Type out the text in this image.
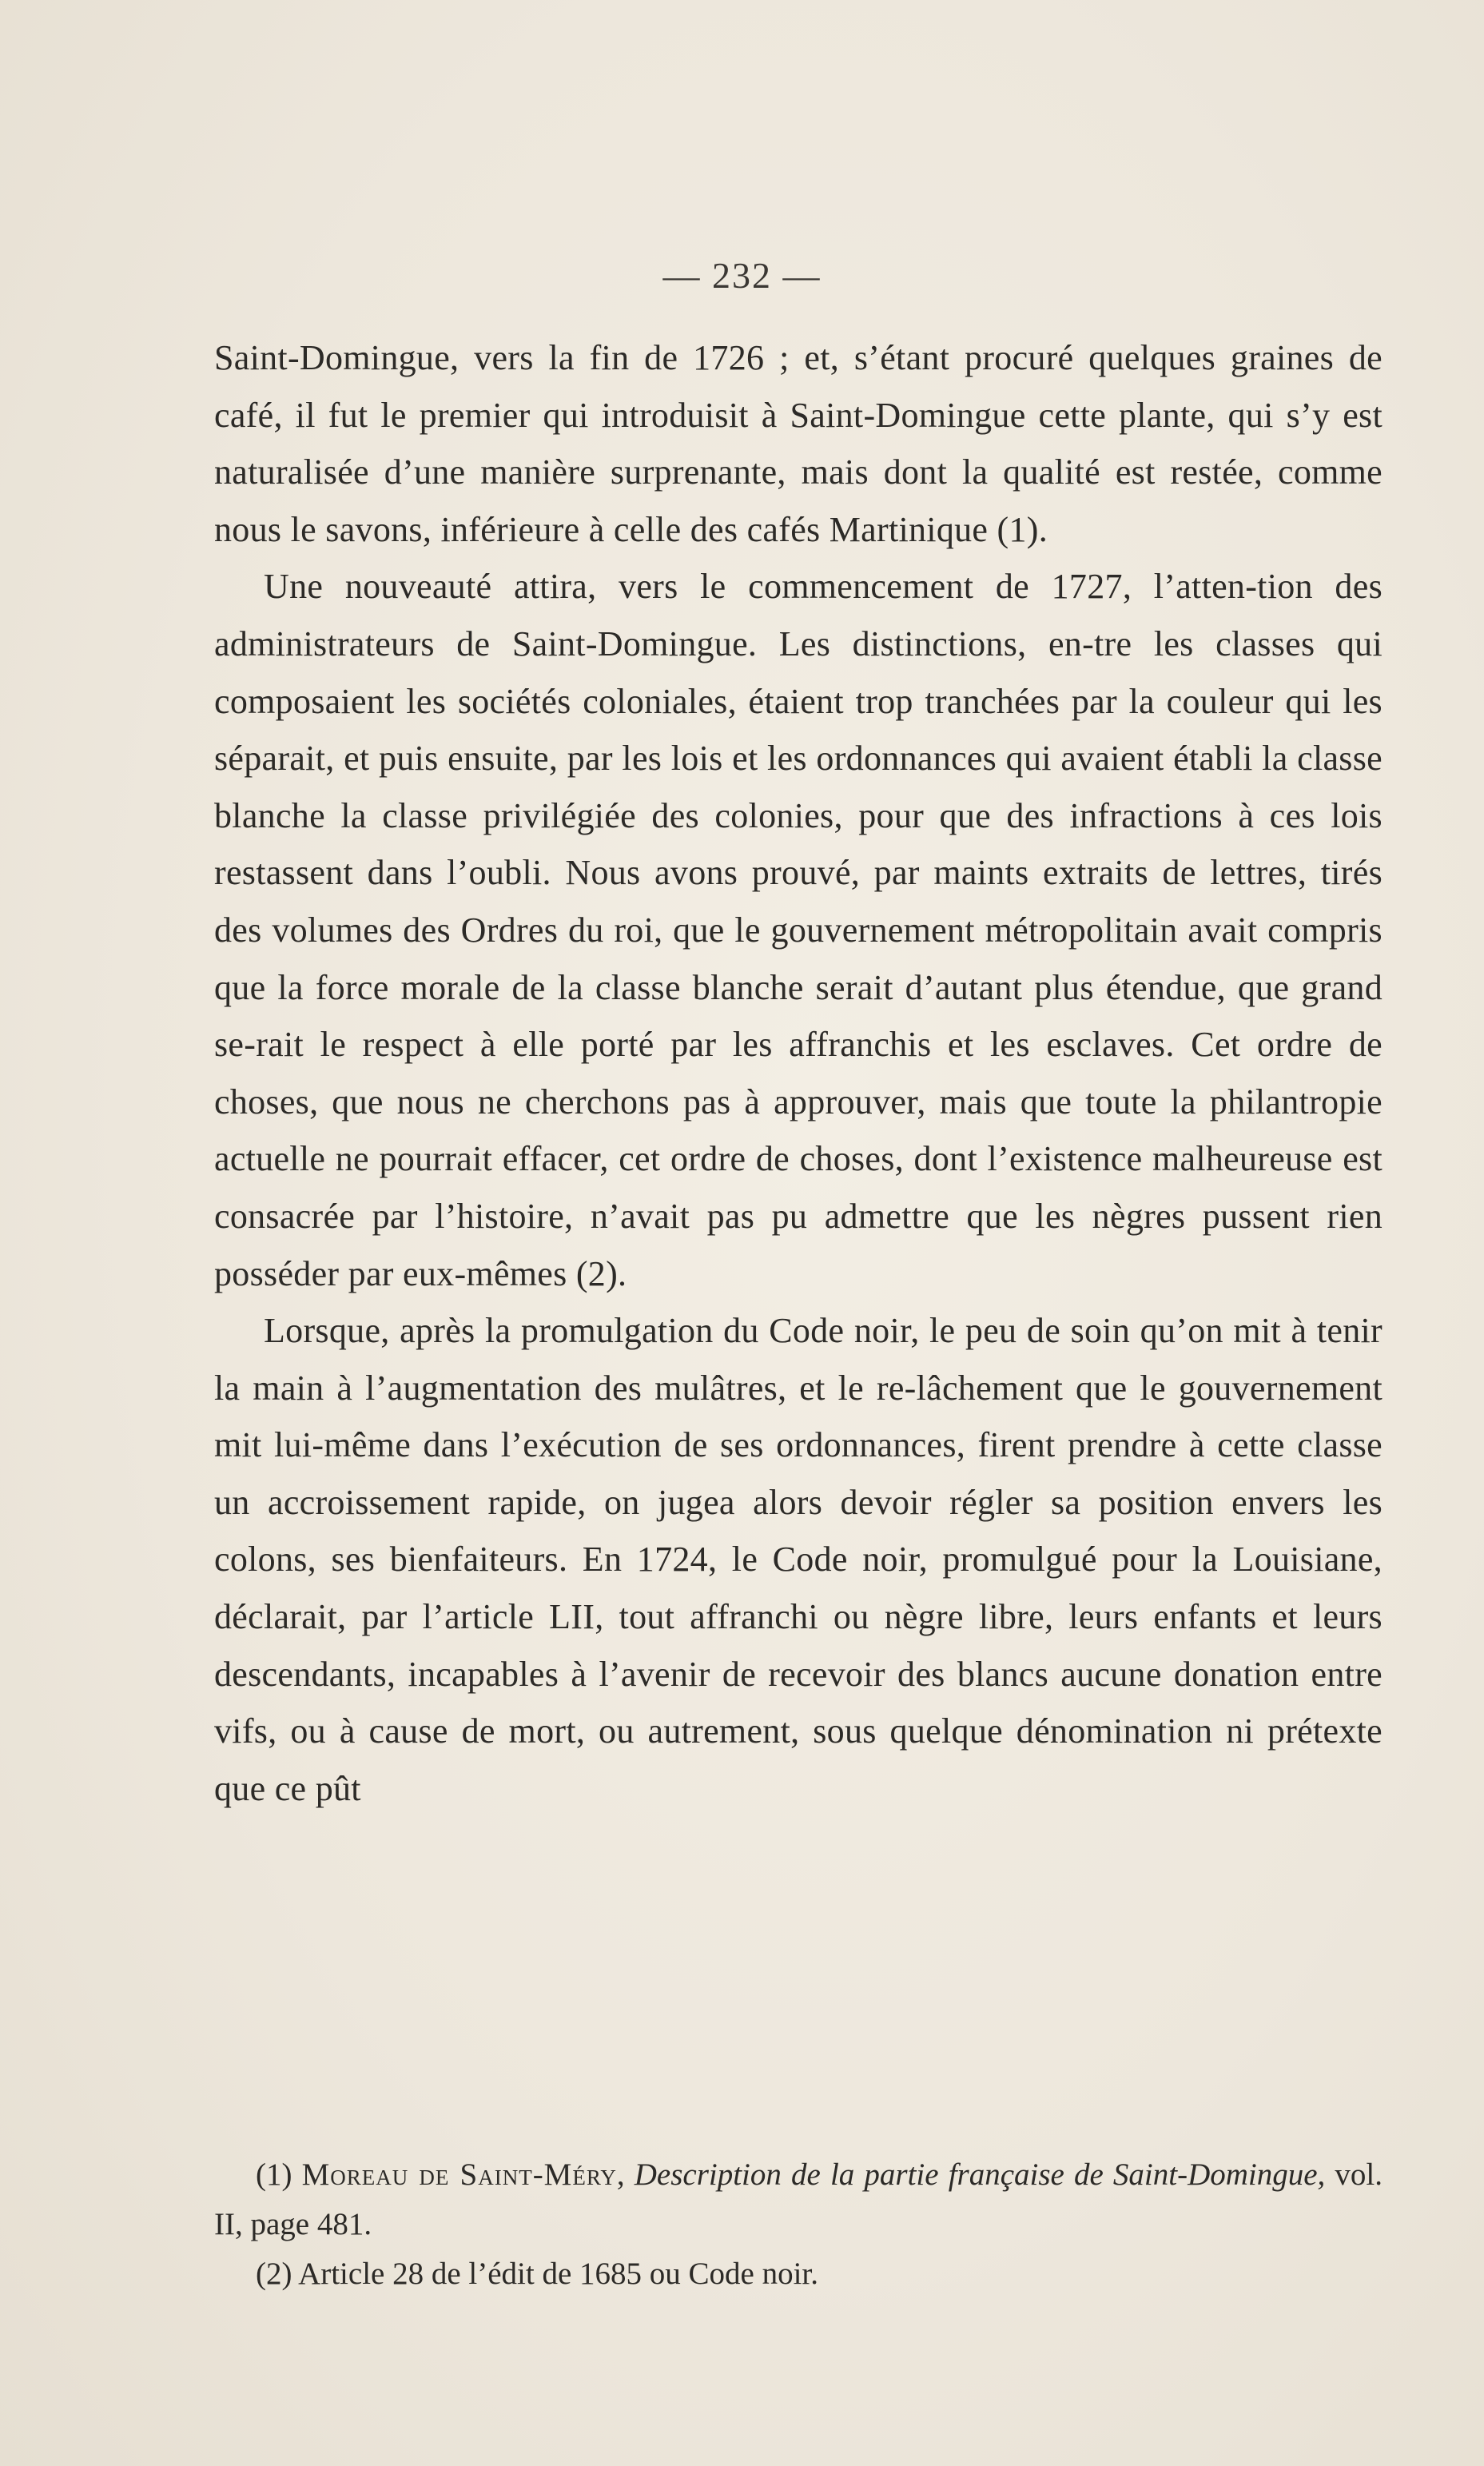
— 232 —

Saint-Domingue, vers la fin de 1726 ; et, s’étant procuré quelques graines de café, il fut le premier qui introduisit à Saint-Domingue cette plante, qui s’y est naturalisée d’une manière surprenante, mais dont la qualité est restée, comme nous le savons, inférieure à celle des cafés Martinique (1).

Une nouveauté attira, vers le commencement de 1727, l’atten-tion des administrateurs de Saint-Domingue. Les distinctions, en-tre les classes qui composaient les sociétés coloniales, étaient trop tranchées par la couleur qui les séparait, et puis ensuite, par les lois et les ordonnances qui avaient établi la classe blanche la classe privilégiée des colonies, pour que des infractions à ces lois restassent dans l’oubli. Nous avons prouvé, par maints extraits de lettres, tirés des volumes des Ordres du roi, que le gouvernement métropolitain avait compris que la force morale de la classe blanche serait d’autant plus étendue, que grand se-rait le respect à elle porté par les affranchis et les esclaves. Cet ordre de choses, que nous ne cherchons pas à approuver, mais que toute la philantropie actuelle ne pourrait effacer, cet ordre de choses, dont l’existence malheureuse est consacrée par l’histoire, n’avait pas pu admettre que les nègres pussent rien posséder par eux-mêmes (2).

Lorsque, après la promulgation du Code noir, le peu de soin qu’on mit à tenir la main à l’augmentation des mulâtres, et le re-lâchement que le gouvernement mit lui-même dans l’exécution de ses ordonnances, firent prendre à cette classe un accroissement rapide, on jugea alors devoir régler sa position envers les colons, ses bienfaiteurs. En 1724, le Code noir, promulgué pour la Louisiane, déclarait, par l’article LII, tout affranchi ou nègre libre, leurs enfants et leurs descendants, incapables à l’avenir de recevoir des blancs aucune donation entre vifs, ou à cause de mort, ou autrement, sous quelque dénomination ni prétexte que ce pût

(1) Moreau de Saint-Méry, Description de la partie française de Saint-Domingue, vol. II, page 481.

(2) Article 28 de l’édit de 1685 ou Code noir.
